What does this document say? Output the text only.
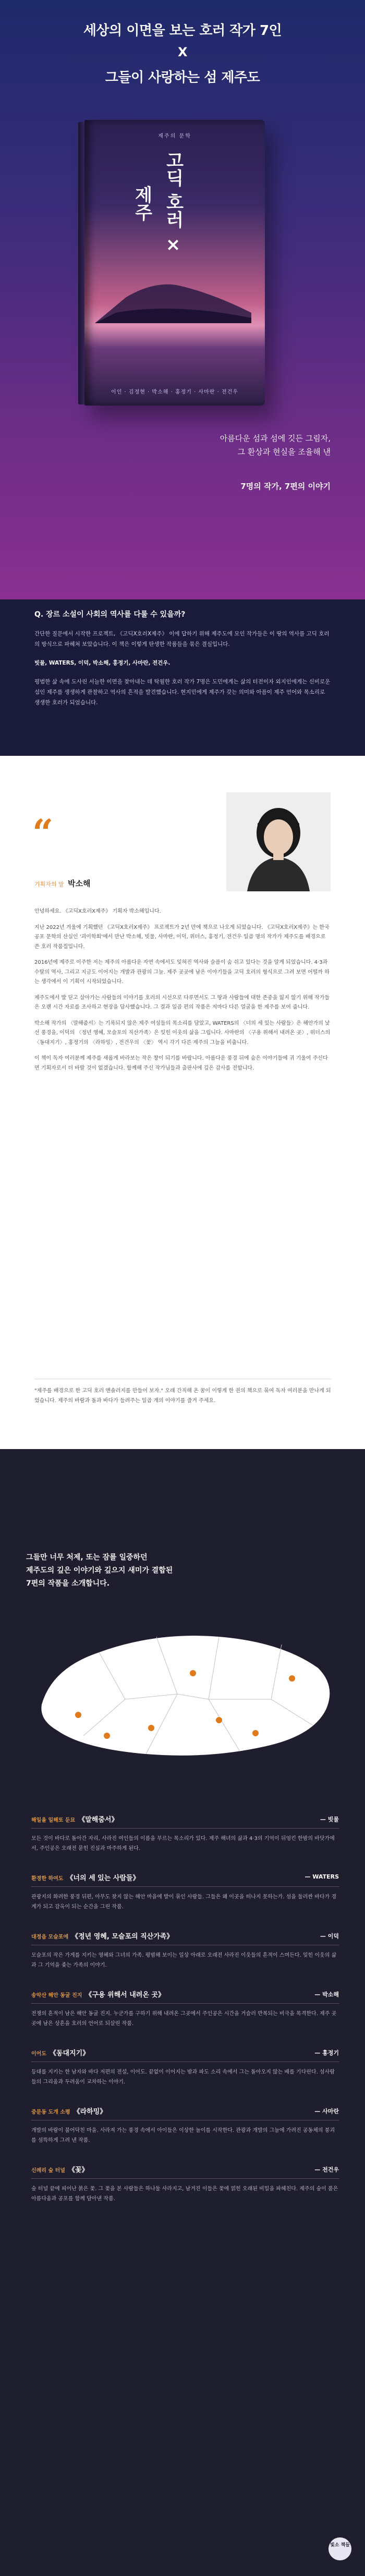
세상의 이면을 보는 호러 작가 7인
X
그들이 사랑하는 섬 제주도
제주의 문학
고딕 호러 × 제주
이인 · 김정현 · 박소해 · 홍정기 · 사마란 · 전건우
아름다운 섬과 섬에 깃든 그림자,
그 환상과 현실을 조율해 낸
7명의 작가, 7편의 이야기
Q. 장르 소설이 사회의 역사를 다룰 수 있을까?

간단한 질문에서 시작한 프로젝트, 《고딕X호러X제주》 이에 답하기 위해 제주도에 모인 작가들은 이 땅의 역사를 고딕 호러의 방식으로 파헤쳐 보았습니다. 이 책은 이렇게 탄생한 작품들을 묶은 결실입니다.

빗물, WATERS, 이덕, 박소해, 홍정기, 사마란, 전건우.

평범한 삶 속에 도사린 서늘한 이면을 찾아내는 데 탁월한 호러 작가 7명은 도민에게는 삶의 터전이자 외지인에게는 신비로운 섬인 제주를 생생하게 관찰하고 역사의 흔적을 발견했습니다. 현지민에게 제주가 갖는 의미와 아픔이 제주 언어와 목소리로 생생한 호러가 되었습니다.

“
기획자의 말 박소해

안녕하세요. 《고딕X호러X제주》 기획자 박소해입니다.

지난 2022년 겨울에 기획했던 《고딕X호러X제주》 프로젝트가 2년 만에 책으로 나오게 되었습니다. 《고딕X호러X제주》는 한국 공포 문학의 산실인 '괴이학회'에서 만난 박소해, 빗물, 사마란, 이덕, 위더스, 홍정기, 전건우 일곱 명의 작가가 제주도를 배경으로 쓴 호러 작품집입니다.

2016년에 제주로 이주한 저는 제주의 아름다운 자연 속에서도 잊혀진 역사와 슬픔이 숨 쉬고 있다는 것을 알게 되었습니다. 4·3과 수탈의 역사, 그리고 지금도 이어지는 개발과 관광의 그늘. 제주 곳곳에 남은 이야기들을 고딕 호러의 형식으로 그려 보면 어떨까 하는 생각에서 이 기획이 시작되었습니다.

제주도에서 발 딛고 살아가는 사람들의 이야기를 호러의 시선으로 다루면서도 그 땅과 사람들에 대한 존중을 잃지 않기 위해 작가들은 오랜 시간 자료를 조사하고 현장을 답사했습니다. 그 결과 일곱 편의 작품은 저마다 다른 얼굴을 한 제주를 보여 줍니다.

박소해 작가의 〈말해줌서〉는 기록되지 않은 제주 여성들의 목소리를 담았고, WATERS의 〈너의 세 있는 사람들〉은 해안가의 낯선 풍경을, 이덕의 〈정년 영혜, 모슬포의 직산가족〉은 잊힌 이웃의 삶을 그립니다. 사마란의 〈구용 위해서 내려온 곳〉, 위더스의 〈동대지기〉, 홍정기의 〈라하밍〉, 전건우의 〈꽃〉 역시 각기 다른 제주의 그늘을 비춥니다.

이 책이 독자 여러분께 제주를 새롭게 바라보는 작은 창이 되기를 바랍니다. 아름다운 풍경 뒤에 숨은 이야기들에 귀 기울여 주신다면 기획자로서 더 바랄 것이 없겠습니다. 함께해 주신 작가님들과 출판사에 깊은 감사를 전합니다.

"제주를 배경으로 한 고딕 호러 앤솔러지를 만들어 보자." 오래 간직해 온 꿈이 이렇게 한 권의 책으로 묶여 독자 여러분을 만나게 되었습니다. 제주의 바람과 돌과 바다가 들려주는 일곱 개의 이야기를 즐겨 주세요.
그들만 너무 처제, 또는 잠를 일중하던
제주도의 깊은 이야기와 깊으지 새미가 결합된
7편의 작품을 소개합니다.
해일을 일해또 둔묘 《말해줌서》	— 빗물
모든 것이 바다로 돌아간 자리, 사라진 여인들의 이름을 부르는 목소리가 있다. 제주 해녀의 삶과 4·3의 기억이 뒤엉킨 한밤의 바닷가에서, 주인공은 오래전 묻힌 진실과 마주하게 된다.
환경한 하여도 《너의 세 있는 사람들》	— WATERS
관광지의 화려한 풍경 뒤편, 아무도 찾지 않는 해안 마을에 발이 묶인 사람들. 그들은 왜 이곳을 떠나지 못하는가. 섬을 둘러싼 바다가 경계가 되고 감옥이 되는 순간을 그린 작품.
대정읍 모슬포에 《정년 영혜, 모슬포의 직산가족》	— 이덕
모슬포의 작은 가게를 지키는 영혜와 그녀의 가족. 평범해 보이는 일상 아래로 오래전 사라진 이웃들의 흔적이 스며든다. 잊힌 이웃의 삶과 그 기억을 좇는 가족의 이야기.
송악산 해안 동굴 진지 《구용 위해서 내려온 곳》	— 박소해
전쟁의 흔적이 남은 해안 동굴 진지. 누군가를 구하기 위해 내려온 그곳에서 주인공은 시간을 거슬러 반복되는 비극을 목격한다. 제주 곳곳에 남은 상흔을 호러의 언어로 되살린 작품.
이어도 《동대지기》	— 홍정기
등대를 지키는 한 남자와 바다 저편의 전설, 이어도. 끝없이 이어지는 밤과 파도 소리 속에서 그는 돌아오지 않는 배를 기다린다. 섬사람들의 그리움과 두려움이 교차하는 이야기.
중문동 도개 소평 《라하밍》	— 사마란
개발의 바람이 불어닥친 마을. 사라져 가는 풍경 속에서 아이들은 이상한 놀이를 시작한다. 관광과 개발의 그늘에 가려진 공동체의 붕괴를 섬뜩하게 그려 낸 작품.
신례리 숲 터널 《꽃》	— 전건우
숲 터널 끝에 피어난 붉은 꽃. 그 꽃을 본 사람들은 하나둘 사라지고, 남겨진 이들은 꽃에 얽힌 오래된 비밀을 파헤친다. 제주의 숲이 품은 아름다움과 공포를 함께 담아낸 작품.
빛소 책들
